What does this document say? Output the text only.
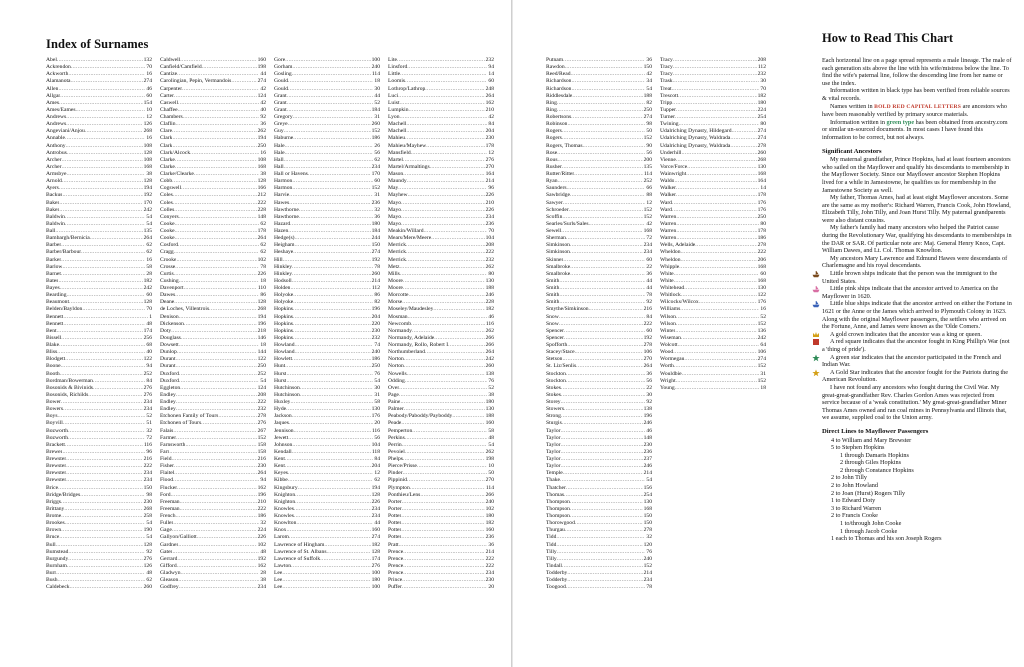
Index of Surnames
Abel .....	132
Ackrendon .....	70
Ackworth .....	16
Alamanota .....	274
Allen .....	46
Allgar .....	60
Ames .....	154
Ames/Eames .....	10
Andrews .....	12
Andrews .....	126
Angeviani/Anjou .....	268
Annable .....	16
Anthony .....	108
Antrobus .....	128
Archer .....	108
Archer .....	168
Armsbye .....	38
Arnold .....	128
Ayers .....	194
Backus .....	192
Baker .....	170
Baker .....	242
Baldwin .....	54
Baldwin .....	54
Ball .....	135
Bambargh/Bernicia .....	264
Barber .....	62
Barber/Barbour .....	62
Barker .....	16
Barlow .....	58
Barnet .....	28
Bates .....	182
Bayes .....	242
Bearding .....	60
Beaumont .....	128
Belden/Bayldon .....	70
Bennett .....	1
Bennett .....	48
Bent .....	174
Bissell .....	256
Blake .....	68
Bliss .....	40
Blodgett .....	122
Boone .....	94
Booth .....	252
Bordman/Bowerman .....	84
Bosonids & Bivinids .....	276
Bosonids, Richilds .....	276
Bower .....	234
Bowers .....	234
Boys .....	52
Boyvill .....	51
Bozworth .....	32
Bozworth .....	72
Brackett .....	116
Brewer .....	96
Brewster .....	216
Brewster .....	222
Brewster .....	234
Brewster .....	234
Brice .....	150
Bridge/Bridges .....	98
Briggs .....	230
Brittany .....	268
Brome .....	258
Brookes .....	54
Brown .....	190
Bruce .....	54
Bull .....	128
Bumstead .....	92
Burgundy .....	276
Burnham .....	126
Burr .....	48
Bush .....	62
Caldebeck .....	260
Caldwell .....	160
Canfield/Camfield .....	198
Cantize .....	44
Carolingian, Pepin, Vermandois .....	274
Carpenter .....	42
Carter .....	124
Caswell .....	42
Chaffee .....	40
Chambers .....	92
Claflin .....	36
Clare .....	262
Clark .....	194
Clark .....	250
Clark/Alcock .....	16
Clarke .....	108
Clarke .....	168
Clarke/Clearke .....	38
Cobb .....	128
Cogswell .....	166
Coles .....	212
Coles .....	222
Colles .....	228
Conyers .....	148
Cooke .....	62
Cooke .....	178
Cooke .....	264
Cosford .....	62
Cragg .....	62
Crooke .....	102
Crosse .....	78
Curtis .....	226
Cushing .....	18
Davenport .....	110
Dawes .....	86
Deane .....	128
de Loches, Villentrois .....	268
Denison .....	194
Dickenson .....	196
Doty .....	218
Douglass .....	146
Dowsett .....	18
Dunlop .....	144
Durant .....	122
Durant .....	250
Duxford .....	252
Duxford .....	54
Eggleton .....	124
Endley .....	208
Endley .....	222
Endley .....	232
Etchonen Family of Tours .....	278
Etchonen of Tours .....	276
Falais .....	267
Farmer .....	152
Farnsworth .....	158
Farr .....	158
Field .....	216
Fisher .....	230
Flaitel .....	264
Flood .....	94
Flucker .....	162
Ford .....	196
Freeman .....	210
Freeman .....	222
French .....	186
Fuller .....	32
Gage .....	224
Gallyon/Galliott .....	226
Gardner .....	102
Gater .....	48
Gerrard .....	192
Gifford .....	162
Gladwyn .....	28
Gleason .....	38
Godfrey .....	234
Gore .....	100
Gorham .....	240
Gosling .....	114
Gould .....	18
Gould .....	30
Grant .....	44
Grant .....	52
Grant .....	184
Gregory .....	31
Greye .....	260
Guy .....	152
Haburne .....	186
Hale .....	26
Hale .....	56
Hall .....	62
Hall .....	234
Hall or Havens .....	170
Harmon .....	60
Harmon .....	152
Harvie .....	31
Hawes .....	236
Hawthorne .....	32
Hawthorne .....	36
Hazard .....	180
Hazen .....	184
Hedge(s) .....	244
Heigham .....	150
Heshaye .....	274
Hill .....	192
Hinkley .....	78
Hinkley .....	260
Hodsoll .....	214
Holden .....	112
Holyoke .....	86
Holyoke .....	82
Hopkins .....	196
Hopkins .....	204
Hopkins .....	220
Hopkins .....	230
Hopkins .....	232
Howland .....	74
Howland .....	240
Howlett .....	186
Hunt .....	250
Hurst .....	76
Hurst .....	54
Hutchinson .....	30
Hutchinson .....	31
Huxley .....	58
Hyde .....	130
Jackson .....	176
Jaques .....	20
Jennison .....	116
Jewett .....	56
Johnson .....	104
Kendall .....	118
Kent .....	84
Kent .....	204
Keyes .....	12
Kibbe .....	62
Kingsbury .....	194
Knighton .....	128
Knighton .....	226
Knowles .....	234
Knowles .....	234
Knowlton .....	44
Knox .....	160
Larom .....	274
Lawrence of Hingham .....	182
Lawrence of St. Albans .....	128
Lawrence of Suffolk .....	174
Lawton .....	276
Lee .....	100
Lee .....	180
Lee .....	100
Lite .....	232
Linsford .....	94
Little .....	14
Loomis .....	60
Lothrop/Lathrop .....	248
Luci .....	264
Luist .....	162
Lumpkin .....	210
Lyon .....	42
Machell .....	84
Machell .....	204
Mahieu .....	230
Mahieu/Mayhew .....	178
Mansfield .....	12
Martel .....	276
Martel/Armaltings .....	270
Mason .....	164
Maundy .....	214
May .....	96
Mayhew .....	226
Mayo .....	210
Mayo .....	226
Mayo .....	234
Mayo .....	236
Meakin/Willard .....	70
Mears/Mere/Meere .....	104
Merrick .....	208
Merrick .....	222
Merrick .....	232
Metz .....	262
Mills .....	80
Moore .....	130
Moore .....	188
Morcotte .....	246
Morse .....	228
Moseley/Maudesley .....	182
Mosman .....	46
Newcomb .....	116
Normandy .....	262
Normandy, Adelaide .....	266
Normandy, Rollo, Robert I .....	266
Northumberland .....	264
Norton .....	242
Norton .....	260
Nowells .....	138
Odding .....	76
Over .....	52
Page .....	38
Paine .....	180
Palmer .....	130
Peabody/Paboddy/Payboddy .....	188
Peade .....	160
Pemperton .....	58
Perkins .....	48
Perrin .....	54
Pevoiel .....	262
Phelps .....	198
Pierce/Prisse .....	10
Pinder .....	50
Pippinid .....	270
Plympton .....	114
Ponthieu/Lens .....	266
Porter .....	240
Porter .....	102
Potter .....	180
Potter .....	182
Potter .....	160
Potter .....	236
Pratt .....	36
Prence .....	214
Prence .....	222
Prence .....	222
Prence .....	234
Prince .....	230
Puffer .....	20
Putnam .....	36
Rawdon .....	150
Reed/Read .....	42
Richardson .....	34
Richardson .....	54
Riddlesdale .....	188
Ring .....	82
Ring .....	250
Robertsons .....	274
Robinson .....	98
Rogers .....	50
Rogers .....	152
Rogers, Thomas .....	90
Rose .....	56
Rous .....	200
Rusher .....	135
Rutter/Ritter .....	114
Ryan .....	252
Saunders .....	66
Sawbridge .....	88
Sawyer .....	12
Schroeder .....	152
Scoffin .....	152
Searles/Surls/Sales .....	42
Sewell .....	168
Sherman .....	72
Simkinson .....	234
Simkinson .....	234
Skinner .....	60
Smalbroke .....	22
Smalbroke .....	36
Smith .....	44
Smith .....	44
Smith .....	78
Smith .....	92
Smythe/Simkinson .....	216
Snow .....	84
Snow .....	222
Spencer .....	60
Spencer .....	192
Spofforth .....	278
Stacey/Stace .....	106
Stetson .....	270
St. Liz/Senlis .....	264
Stockton .....	36
Stockton .....	56
Stokes .....	22
Stokes .....	30
Storey .....	92
Stowers .....	138
Strong .....	196
Sturgis .....	246
Taylor .....	46
Taylor .....	148
Taylor .....	230
Taylor .....	236
Taylor .....	237
Taylor .....	246
Temple .....	214
Thake .....	54
Thatcher .....	156
Thomas .....	254
Thompson .....	130
Thompson .....	168
Thompson .....	150
Thorowgood .....	150
Thurgau .....	278
Tidd .....	32
Tidd .....	120
Tilly .....	76
Tilly .....	240
Tindall .....	152
Todderby .....	214
Todderby .....	234
Toogood .....	78
Tracy .....	208
Tracy .....	112
Tracy .....	232
Trask .....	30
Treat .....	70
Trescott .....	182
Tripp .....	180
Tupper .....	224
Turner .....	254
Twining .....	80
Udalriching Dynasty, Hildegard .....	274
Udalriching Dynasty, Waldrada .....	274
Udalriching Dynasty, Waldrada .....	278
Underhill .....	260
Vienne .....	268
Vorce/Force .....	130
Wainwright .....	168
Waldo .....	164
Walker .....	14
Walker .....	178
Ward .....	176
Ward .....	176
Warren .....	250
Warren .....	80
Warren .....	178
Warren .....	186
Wells, Adelaide .....	278
Wheldon .....	222
Wheldon .....	206
Whipple .....	168
White .....	60
White .....	168
Whitehead .....	130
Whitlock .....	122
Wilcocks/Wilcox .....	176
Williams .....	16
Wilson .....	52
Wilson .....	152
Winter .....	136
Wiseman .....	242
Wolcott .....	64
Wood .....	106
Wormegau .....	274
Worth .....	152
Wouldbie .....	31
Wright .....	152
Young .....	18
How to Read This Chart

Each horizontal line on a page spread represents a male lineage. The male of each generation sits above the line with his wife/mistress below the line. To find the wife's paternal line, follow the descending line from her name or use the index.

Information written in black type has been verified from reliable sources & vital records.

Names written in BOLD RED CAPITAL LETTERS are ancestors who have been reasonably verified by primary source materials.

Information written in green type has been obtained from ancestry.com or similar un-sourced documents. In most cases I have found this information to be correct, but not always.

Significant Ancestors

My maternal grandfather, Prince Hopkins, had at least fourteen ancestors who sailed on the Mayflower and qualify his descendants to membership in the Mayflower Society. Since our Mayflower ancestor Stephen Hopkins lived for a while in Jamestowne, he qualifies us for membership in the Jamestowne Society as well.

My father, Thomas Ames, had at least eight Mayflower ancestors. Some are the same as my mother's: Richard Warren, Francis Cook, John Howland, Elizabeth Tilly, John Tilly, and Joan Hurst Tilly. My paternal grandparents were also distant cousins.

My father's family had many ancestors who helped the Patriot cause during the Revolutionary War, qualifying his descendants to memberships in the DAR or SAR. Of particular note are: Maj. General Henry Knox, Capt. William Dawes, and Lt. Col. Thomas Knowlton.

My ancestors Mary Lawrence and Edmund Hawes were descendants of Charlemagne and his royal descendants.

Little brown ships indicate that the person was the immigrant to the United States.

Little pink ships indicate that the ancestor arrived to America on the Mayflower in 1620.

Little blue ships indicate that the ancestor arrived on either the Fortune in 1621 or the Anne or the James which arrived to Plymouth Colony in 1623. Along with the original Mayflower passengers, the settlers who arrived on the Fortune, Anne, and James were known as the 'Olde Comers.'

A gold crown indicates that the ancestor was a king or queen.

A red square indicates that the ancestor fought in King Phillip's War (not a 'thing of pride').

A green star indicates that the ancestor participated in the French and Indian War.

A Gold Star indicates that the ancestor fought for the Patriots during the American Revolution.

I have not found any ancestors who fought during the Civil War. My great-great-grandfather Rev. Charles Gordon Ames was rejected from service because of a 'weak constitution.' My great-great-grandfather Miner Thomas Ames owned and ran coal mines in Pennsylvania and Illinois that, we assume, supplied coal to the Union army.

Direct Lines to Mayflower Passengers
4 to William and Mary Brewster
5 to Stephen Hopkins
1 through Damaris Hopkins
2 through Giles Hopkins
2 through Constance Hopkins
2 to John Tilly
2 to John Howland
2 to Joan (Hurst) Rogers Tilly
1 to Edward Doty
3 to Richard Warren
2 to Francis Cooke
1 to/through John Cooke
1 through Jacob Cooke
1 each to Thomas and his son Joseph Rogers
